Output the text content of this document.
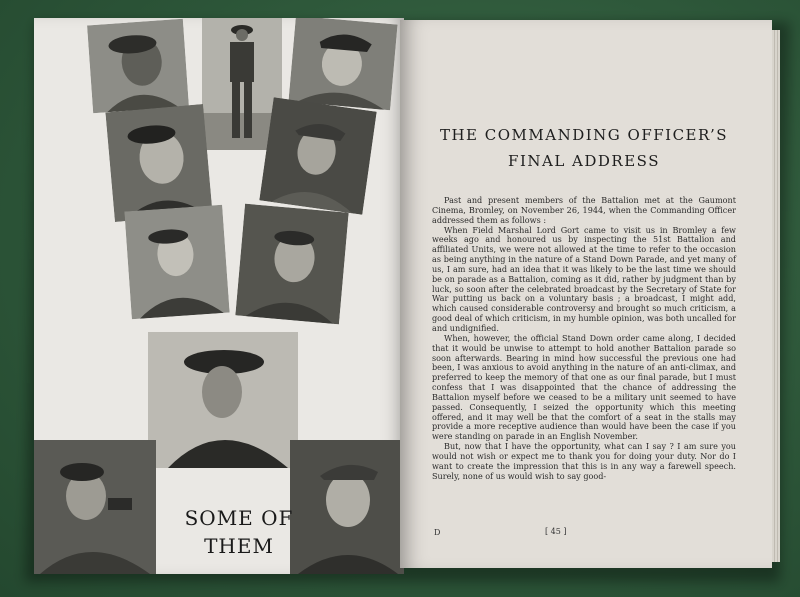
SOME OF
THEM
THE COMMANDING OFFICER’S
FINAL ADDRESS

Past and present members of the Battalion met at the Gaumont Cinema, Bromley, on November 26, 1944, when the Commanding Officer addressed them as follows :

When Field Marshal Lord Gort came to visit us in Bromley a few weeks ago and honoured us by inspecting the 51st Battalion and affiliated Units, we were not allowed at the time to refer to the occasion as being anything in the nature of a Stand Down Parade, and yet many of us, I am sure, had an idea that it was likely to be the last time we should be on parade as a Battalion, coming as it did, rather by judgment than by luck, so soon after the celebrated broadcast by the Secretary of State for War putting us back on a voluntary basis ; a broadcast, I might add, which caused considerable controversy and brought so much criticism, a good deal of which criticism, in my humble opinion, was both uncalled for and undignified.

When, however, the official Stand Down order came along, I decided that it would be unwise to attempt to hold another Battalion parade so soon afterwards. Bearing in mind how successful the previous one had been, I was anxious to avoid anything in the nature of an anti-climax, and preferred to keep the memory of that one as our final parade, but I must confess that I was disappointed that the chance of addressing the Battalion myself before we ceased to be a military unit seemed to have passed. Consequently, I seized the opportunity which this meeting offered, and it may well be that the comfort of a seat in the stalls may provide a more receptive audience than would have been the case if you were standing on parade in an English November.

But, now that I have the opportunity, what can I say ? I am sure you would not wish or expect me to thank you for doing your duty. Nor do I want to create the impression that this is in any way a farewell speech. Surely, none of us would wish to say good-

D	[ 45 ]
